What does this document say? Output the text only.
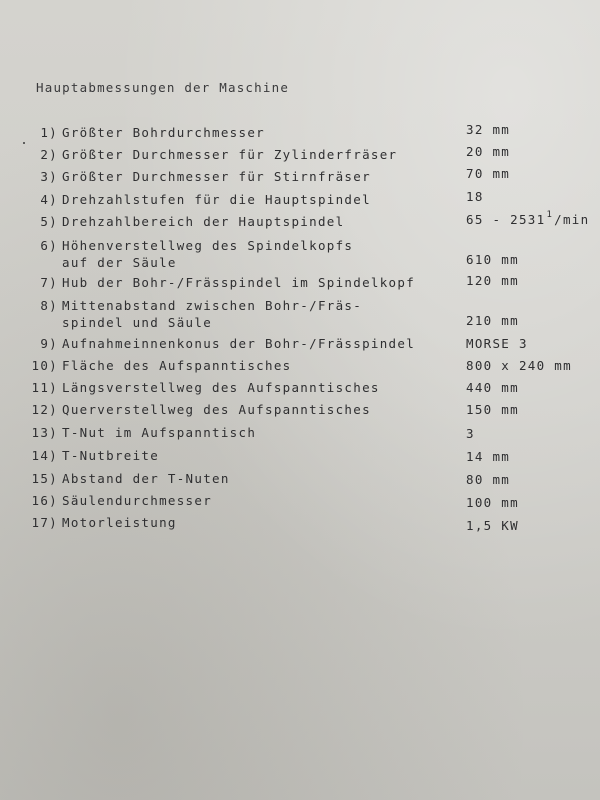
Hauptabmessungen der Maschine
1) Größter Bohrdurchmesser	32 mm
2) Größter Durchmesser für Zylinderfräser	20 mm
3) Größter Durchmesser für Stirnfräser	70 mm
4) Drehzahlstufen für die Hauptspindel	18
5) Drehzahlbereich der Hauptspindel	65 - 2531$^1$/min
6) Höhenverstellweg des Spindelkopfs
auf der Säule	610 mm
7) Hub der Bohr-/Frässpindel im Spindelkopf	120 mm
8) Mittenabstand zwischen Bohr-/Fräs-
spindel und Säule	210 mm
9) Aufnahmeinnenkonus der Bohr-/Frässpindel	MORSE 3
10) Fläche des Aufspanntisches	800 x 240 mm
11) Längsverstellweg des Aufspanntisches	440 mm
12) Querverstellweg des Aufspanntisches	150 mm
13) T-Nut im Aufspanntisch	3
14) T-Nutbreite	14 mm
15) Abstand der T-Nuten	80 mm
16) Säulendurchmesser	100 mm
17) Motorleistung	1,5 KW
